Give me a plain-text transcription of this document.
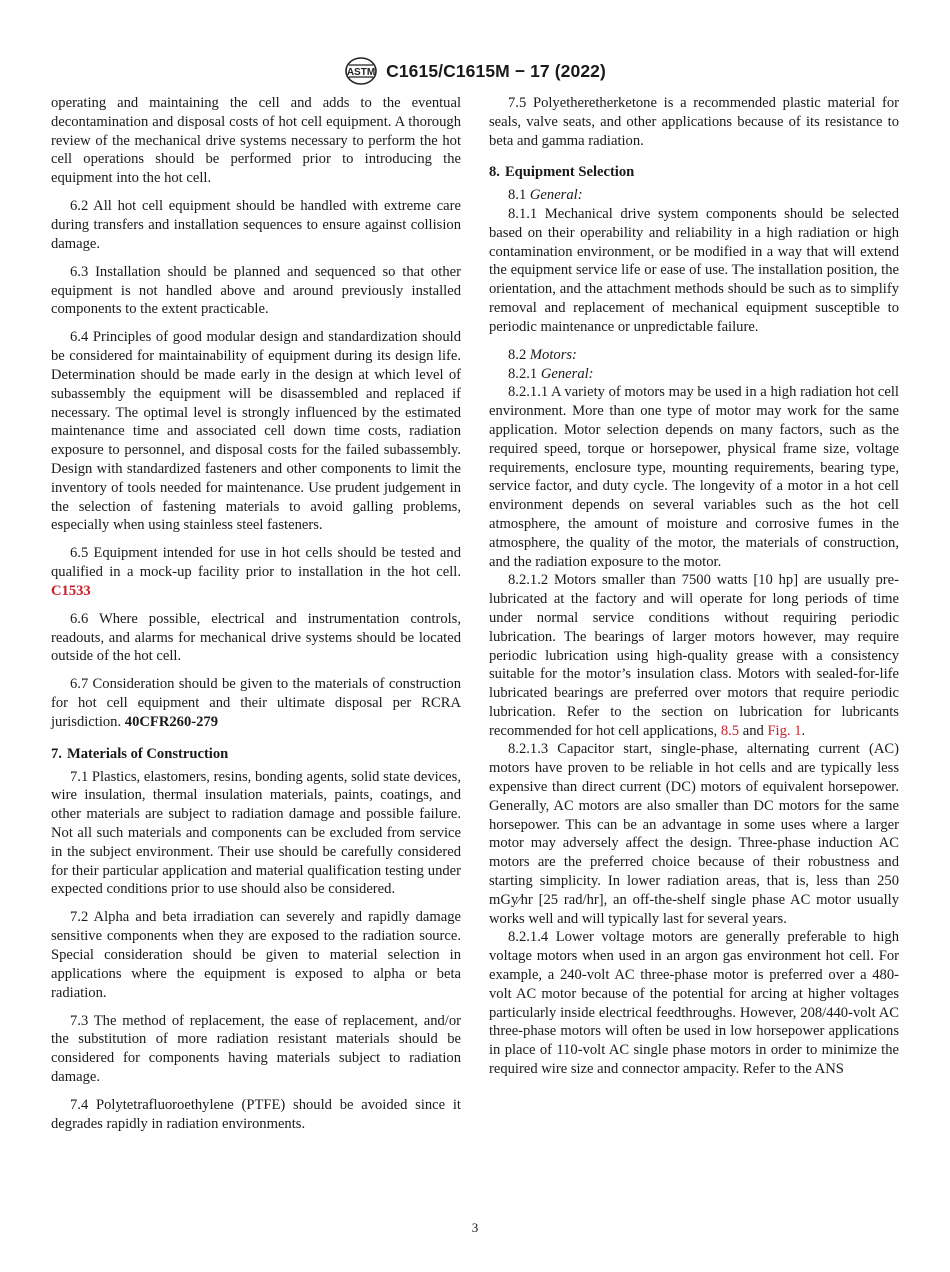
ASTM C1615/C1615M − 17 (2022)

operating and maintaining the cell and adds to the eventual decontamination and disposal costs of hot cell equipment. A thorough review of the mechanical drive systems necessary to perform the hot cell operations should be performed prior to introducing the equipment into the hot cell.

6.2 All hot cell equipment should be handled with extreme care during transfers and installation sequences to ensure against collision damage.

6.3 Installation should be planned and sequenced so that other equipment is not handled above and around previously installed components to the extent practicable.

6.4 Principles of good modular design and standardization should be considered for maintainability of equipment during its design life. Determination should be made early in the design at which level of subassembly the equipment will be disassembled and replaced if necessary. The optimal level is strongly influenced by the estimated maintenance time and associated cell down time costs, radiation exposure to personnel, and disposal costs for the failed subassembly. Design with standardized fasteners and other components to limit the inventory of tools needed for maintenance. Use prudent judgement in the selection of fastening materials to avoid galling problems, especially when using stainless steel fasteners.

6.5 Equipment intended for use in hot cells should be tested and qualified in a mock-up facility prior to installation in the hot cell. C1533

6.6 Where possible, electrical and instrumentation controls, readouts, and alarms for mechanical drive systems should be located outside of the hot cell.

6.7 Consideration should be given to the materials of construction for hot cell equipment and their ultimate disposal per RCRA jurisdiction. 40CFR260-279

7. Materials of Construction

7.1 Plastics, elastomers, resins, bonding agents, solid state devices, wire insulation, thermal insulation materials, paints, coatings, and other materials are subject to radiation damage and possible failure. Not all such materials and components can be excluded from service in the subject environment. Their use should be carefully considered for their particular application and material qualification testing under expected conditions prior to use should also be considered.

7.2 Alpha and beta irradiation can severely and rapidly damage sensitive components when they are exposed to the radiation source. Special consideration should be given to material selection in applications where the equipment is exposed to alpha or beta radiation.

7.3 The method of replacement, the ease of replacement, and/or the substitution of more radiation resistant materials should be considered for components having materials subject to radiation damage.

7.4 Polytetrafluoroethylene (PTFE) should be avoided since it degrades rapidly in radiation environments.

7.5 Polyetheretherketone is a recommended plastic material for seals, valve seats, and other applications because of its resistance to beta and gamma radiation.

8. Equipment Selection

8.1 General:

8.1.1 Mechanical drive system components should be selected based on their operability and reliability in a high radiation or high contamination environment, or be modified in a way that will extend the equipment service life or ease of use. The installation position, the orientation, and the attachment methods should be such as to simplify removal and replacement of mechanical equipment susceptible to periodic maintenance or unpredictable failure.

8.2 Motors:

8.2.1 General:

8.2.1.1 A variety of motors may be used in a high radiation hot cell environment. More than one type of motor may work for the same application. Motor selection depends on many factors, such as the required speed, torque or horsepower, physical frame size, voltage requirements, enclosure type, mounting requirements, bearing type, service factor, and duty cycle. The longevity of a motor in a hot cell environment depends on several variables such as the hot cell atmosphere, the amount of moisture and corrosive fumes in the atmosphere, the quality of the motor, the materials of construction, and the radiation exposure to the motor.

8.2.1.2 Motors smaller than 7500 watts [10 hp] are usually pre-lubricated at the factory and will operate for long periods of time under normal service conditions without requiring periodic lubrication. The bearings of larger motors however, may require periodic lubrication using high-quality grease with a consistency suitable for the motor’s insulation class. Motors with sealed-for-life lubricated bearings are preferred over motors that require periodic lubrication. Refer to the section on lubrication for lubricants recommended for hot cell applications, 8.5 and Fig. 1.

8.2.1.3 Capacitor start, single-phase, alternating current (AC) motors have proven to be reliable in hot cells and are typically less expensive than direct current (DC) motors of equivalent horsepower. Generally, AC motors are also smaller than DC motors for the same horsepower. This can be an advantage in some uses where a larger motor may adversely affect the design. Three-phase induction AC motors are the preferred choice because of their robustness and starting simplicity. In lower radiation areas, that is, less than 250 mGy⁄hr [25 rad/hr], an off-the-shelf single phase AC motor usually works well and will typically last for several years.

8.2.1.4 Lower voltage motors are generally preferable to high voltage motors when used in an argon gas environment hot cell. For example, a 240-volt AC three-phase motor is preferred over a 480-volt AC motor because of the potential for arcing at higher voltages particularly inside electrical feedthroughs. However, 208/440-volt AC three-phase motors will often be used in low horsepower applications in place of 110-volt AC single phase motors in order to minimize the required wire size and connector ampacity. Refer to the ANS

3
